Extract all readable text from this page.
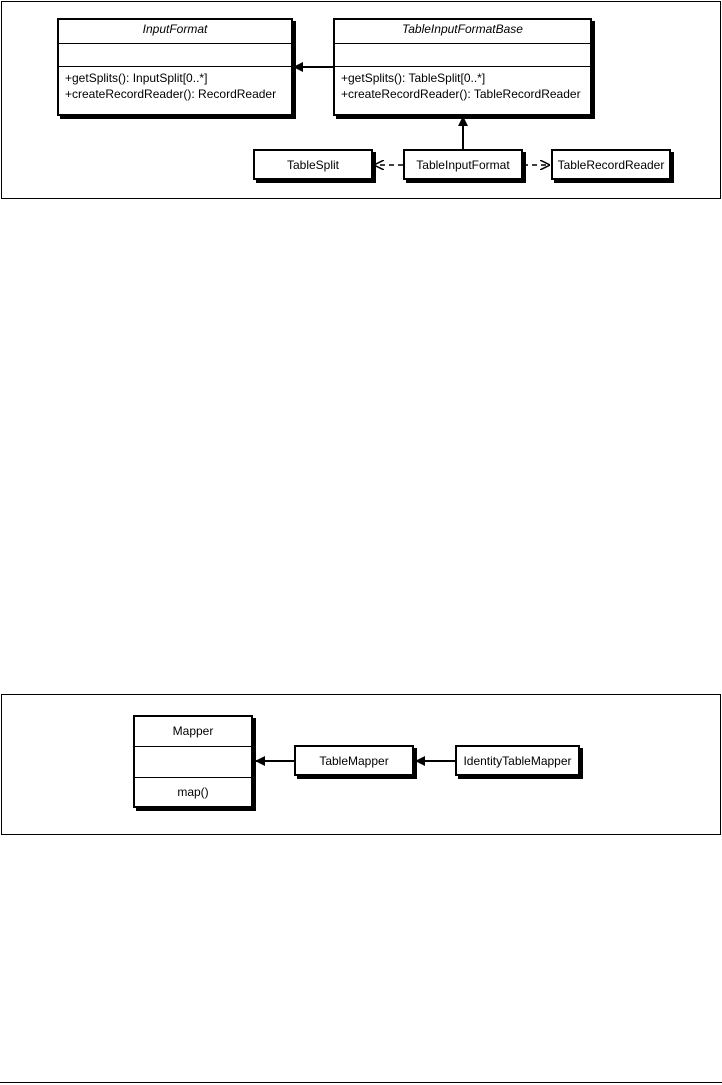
InputFormat
+getSplits(): InputSplit[0..*]
+createRecordReader(): RecordReader
TableInputFormatBase
+getSplits(): TableSplit[0..*]
+createRecordReader(): TableRecordReader
TableSplit	TableInputFormat	TableRecordReader
Mapper
map()
TableMapper	IdentityTableMapper
